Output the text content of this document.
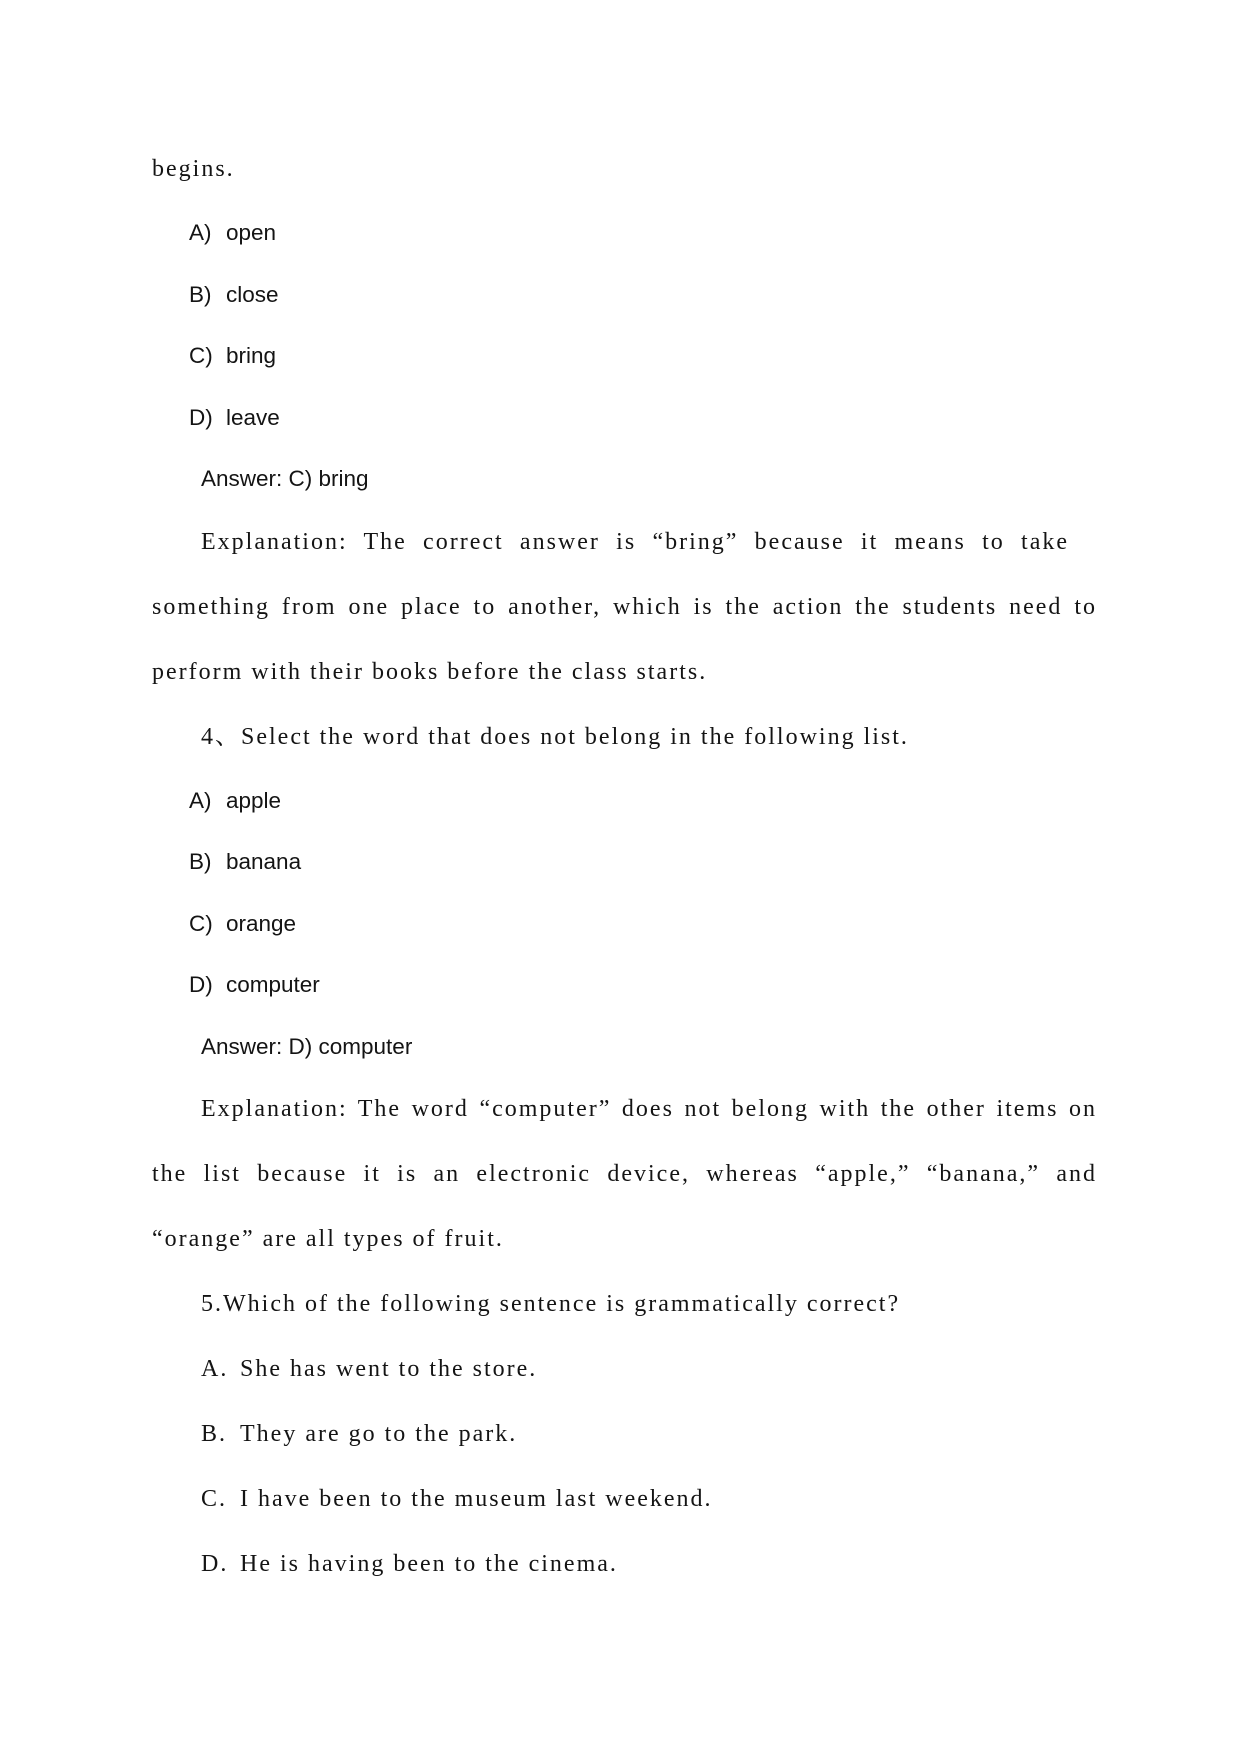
begins.
A) open
B) close
C) bring
D) leave
Answer: C) bring
Explanation: The correct answer is “bring” because it means to take
something from one place to another, which is the action the students need to
perform with their books before the class starts.
4、Select the word that does not belong in the following list.
A) apple
B) banana
C) orange
D) computer
Answer: D) computer
Explanation: The word “computer” does not belong with the other items on
the list because it is an electronic device, whereas “apple,” “banana,” and
“orange” are all types of fruit.
5.Which of the following sentence is grammatically correct?
A. She has went to the store.
B. They are go to the park.
C. I have been to the museum last weekend.
D. He is having been to the cinema.
